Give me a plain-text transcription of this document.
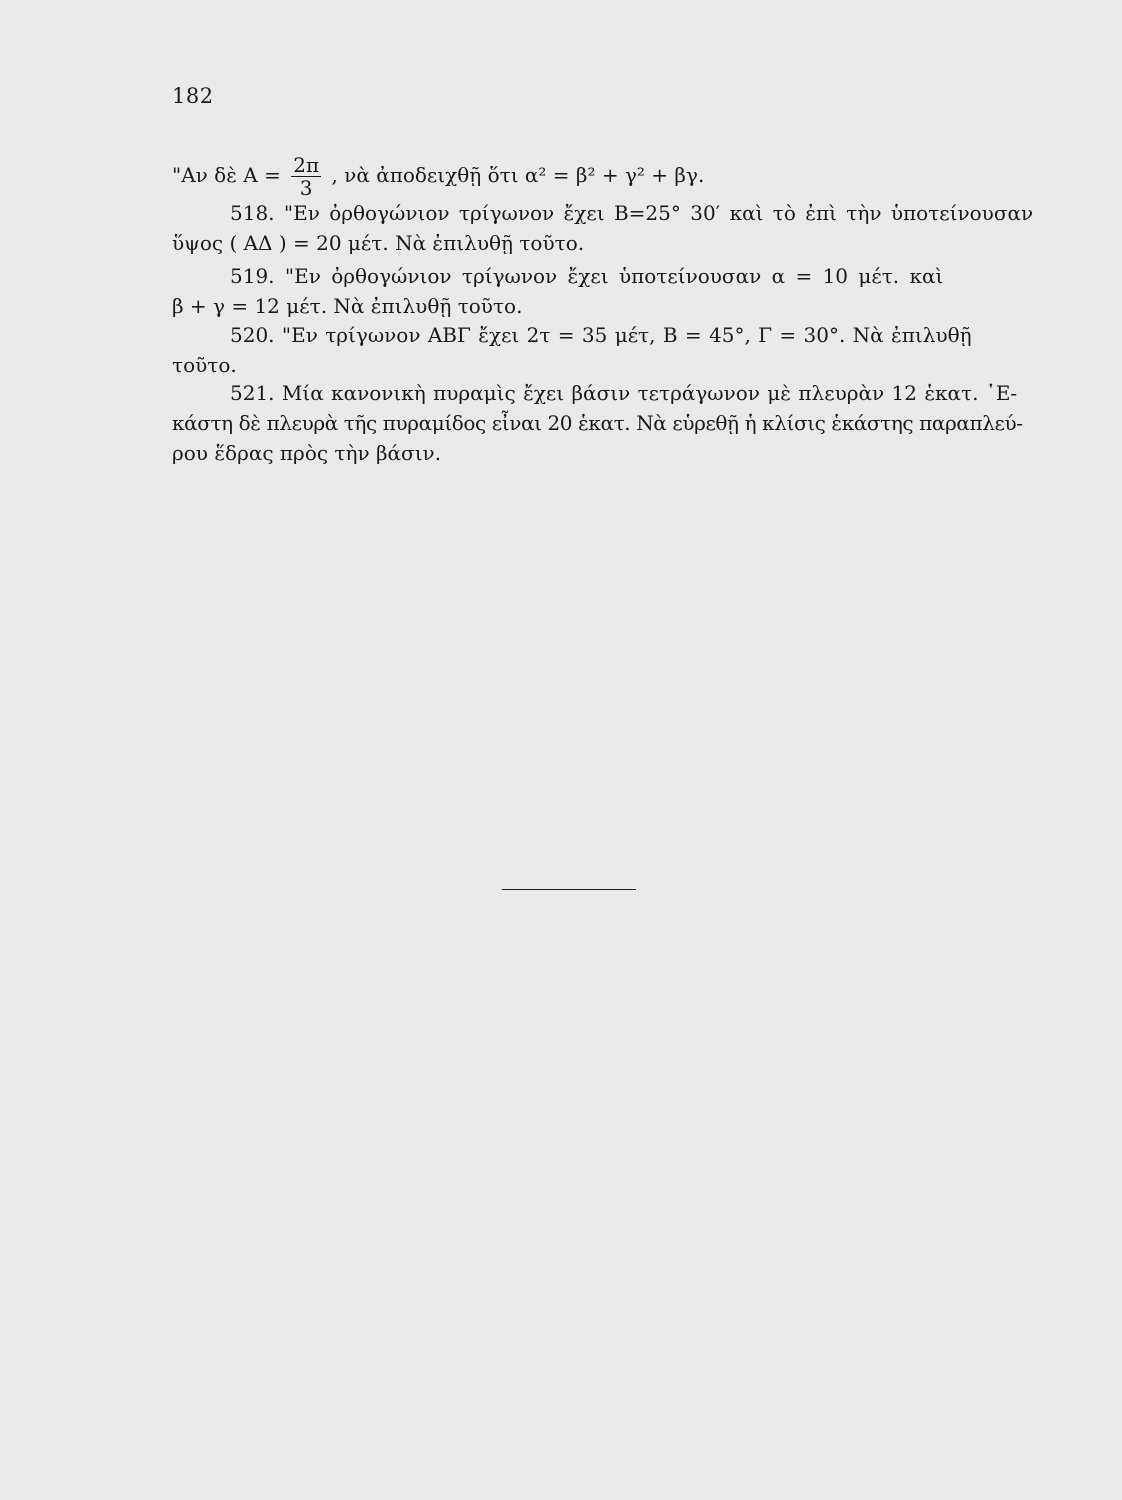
182
"Αν δὲ $A = \frac{2\pi}{3}$ , νὰ ἀποδειχθῇ ὅτι α² = β² + γ² + βγ.
518. "Εν ὀρθογώνιον τρίγωνον ἔχει Β=25° 30′ καὶ τὸ ἐπὶ τὴν ὑποτείνουσαν
ὕψος ( ΑΔ ) = 20 μέτ. Νὰ ἐπιλυθῇ τοῦτο.
519. "Εν ὀρθογώνιον τρίγωνον ἔχει ὑποτείνουσαν α = 10 μέτ. καὶ
β + γ = 12 μέτ. Νὰ ἐπιλυθῇ τοῦτο.
520. "Εν τρίγωνον ΑΒΓ ἔχει 2τ = 35 μέτ, Β = 45°, Γ = 30°. Νὰ ἐπιλυθῇ
τοῦτο.
521. Μία κανονικὴ πυραμὶς ἔχει βάσιν τετράγωνον μὲ πλευρὰν 12 ἑκατ. ῾Ε-
κάστη δὲ πλευρὰ τῆς πυραμίδος εἶναι 20 ἑκατ. Νὰ εὑρεθῇ ἡ κλίσις ἑκάστης παραπλεύ-
ρου ἕδρας πρὸς τὴν βάσιν.
